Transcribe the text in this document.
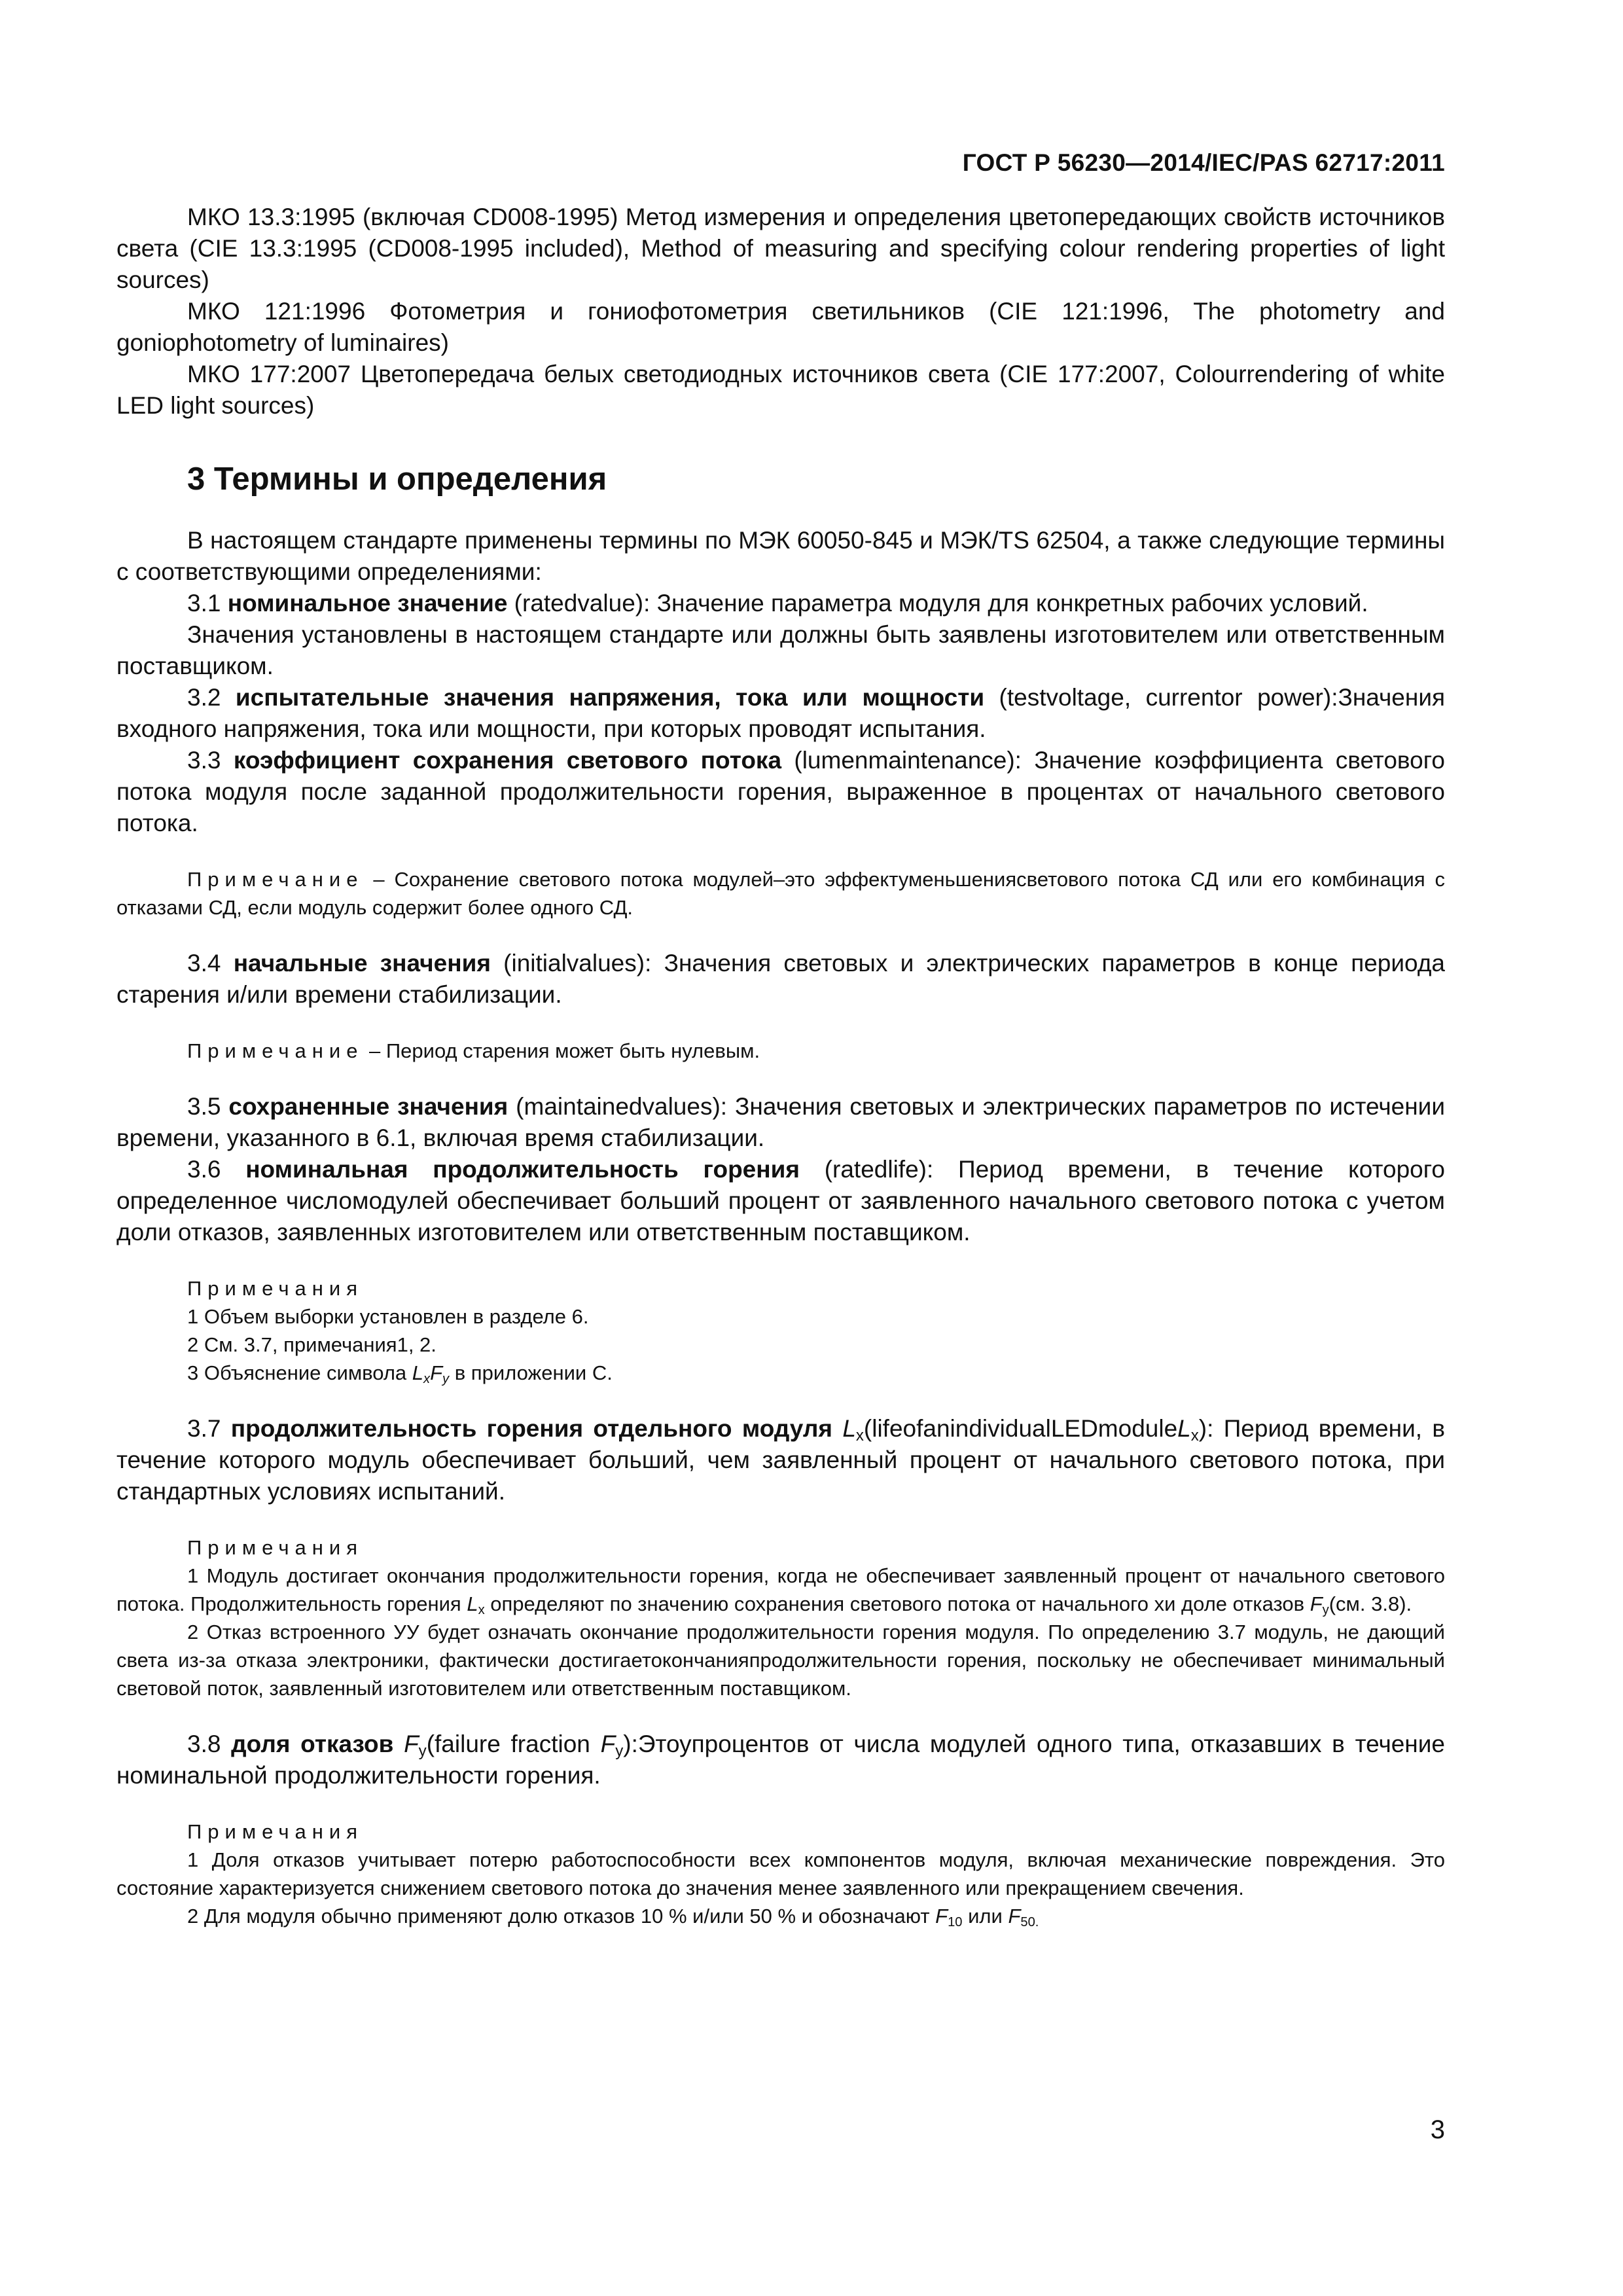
ГОСТ Р 56230—2014/IEC/PAS 62717:2011

МКО 13.3:1995 (включая CD008-1995) Метод измерения и определения цветопередающих свойств источников света (CIE 13.3:1995 (CD008-1995 included), Method of measuring and specifying colour rendering properties of light sources)

МКО 121:1996 Фотометрия и гониофотометрия светильников (CIE 121:1996, The photometry and goniophotometry of luminaires)

МКО 177:2007 Цветопередача белых светодиодных источников света (CIE 177:2007, Colourrendering of white LED light sources)

3 Термины и определения

В настоящем стандарте применены термины по МЭК 60050-845 и МЭК/TS 62504, а также следующие термины с соответствующими определениями:

3.1 номинальное значение (ratedvalue): Значение параметра модуля для конкретных рабочих условий.

Значения установлены в настоящем стандарте или должны быть заявлены изготовителем или ответственным поставщиком.

3.2 испытательные значения напряжения, тока или мощности (testvoltage, currentor power):Значения входного напряжения, тока или мощности, при которых проводят испытания.

3.3 коэффициент сохранения светового потока (lumenmaintenance): Значение коэффициента светового потока модуля после заданной продолжительности горения, выраженное в процентах от начального светового потока.

Примечание – Сохранение светового потока модулей–это эффектуменьшениясветового потока СД или его комбинация с отказами СД, если модуль содержит более одного СД.

3.4 начальные значения (initialvalues): Значения световых и электрических параметров в конце периода старения и/или времени стабилизации.

Примечание – Период старения может быть нулевым.

3.5 сохраненные значения (maintainedvalues): Значения световых и электрических параметров по истечении времени, указанного в 6.1, включая время стабилизации.

3.6 номинальная продолжительность горения (ratedlife): Период времени, в течение которого определенное числомодулей обеспечивает больший процент от заявленного начального светового потока с учетом доли отказов, заявленных изготовителем или ответственным поставщиком.

Примечания

1 Объем выборки установлен в разделе 6.

2 См. 3.7, примечания1, 2.

3 Объяснение символа $L_xF_y$ в приложении С.

3.7 продолжительность горения отдельного модуля $L_x(lifeofanindividualLEDmoduleL_x)$: Период времени, в течение которого модуль обеспечивает больший, чем заявленный процент от начального светового потока, при стандартных условиях испытаний.

Примечания

1 Модуль достигает окончания продолжительности горения, когда не обеспечивает заявленный процент от начального светового потока. Продолжительность горения $L_x$ определяют по значению сохранения светового потока от начального хи доле отказов $F_y(см$. 3.8).

2 Отказ встроенного УУ будет означать окончание продолжительности горения модуля. По определению 3.7 модуль, не дающий света из-за отказа электроники, фактически достигаетокончанияпродолжительности горения, поскольку не обеспечивает минимальный световой поток, заявленный изготовителем или ответственным поставщиком.

3.8 доля отказов $F_y(failure$ fraction $F_y):Этоупроцентов$ от числа модулей одного типа, отказавших в течение номинальной продолжительности горения.

Примечания

1 Доля отказов учитывает потерю работоспособности всех компонентов модуля, включая механические повреждения. Это состояние характеризуется снижением светового потока до значения менее заявленного или прекращением свечения.

2 Для модуля обычно применяют долю отказов 10 % и/или 50 % и обозначают $F_{10}$ или $F_{50.}$

3
